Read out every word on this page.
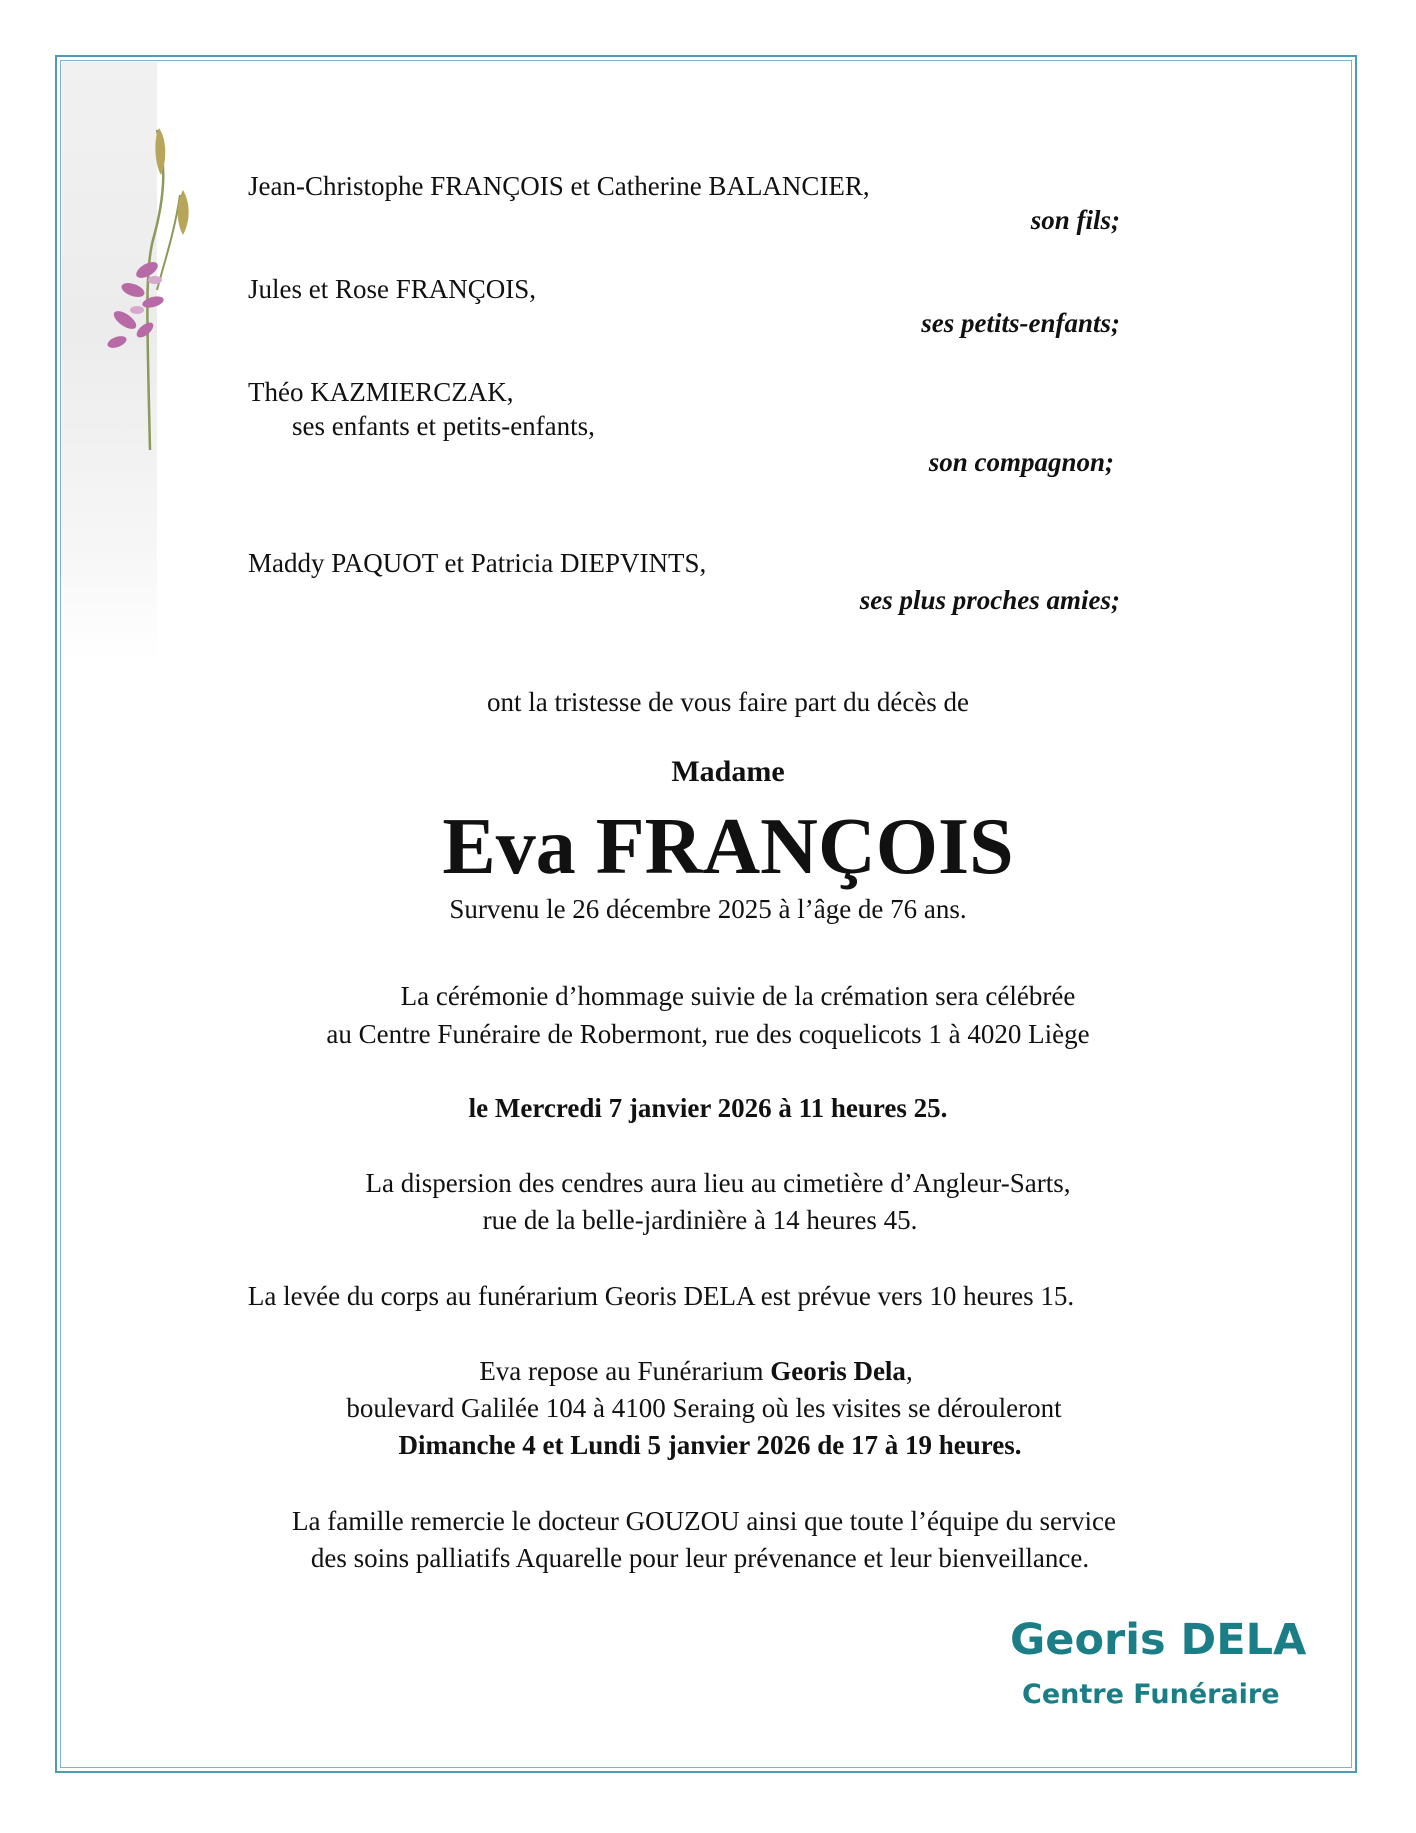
Jean-Christophe FRANÇOIS et Catherine BALANCIER,
son fils;
Jules et Rose FRANÇOIS,
ses petits-enfants;
Théo KAZMIERCZAK,
ses enfants et petits-enfants,
son compagnon;
Maddy PAQUOT et Patricia DIEPVINTS,
ses plus proches amies;
ont la tristesse de vous faire part du décès de
Madame
Eva FRANÇOIS
Survenu le 26 décembre 2025 à l’âge de 76 ans.
La cérémonie d’hommage suivie de la crémation sera célébrée
au Centre Funéraire de Robermont, rue des coquelicots 1 à 4020 Liège
le Mercredi 7 janvier 2026 à 11 heures 25.
La dispersion des cendres aura lieu au cimetière d’Angleur-Sarts,
rue de la belle-jardinière à 14 heures 45.
La levée du corps au funérarium Georis DELA est prévue vers 10 heures 15.
Eva repose au Funérarium Georis Dela,
boulevard Galilée 104 à 4100 Seraing où les visites se dérouleront
Dimanche 4 et Lundi 5 janvier 2026 de 17 à 19 heures.
La famille remercie le docteur GOUZOU ainsi que toute l’équipe du service
des soins palliatifs Aquarelle pour leur prévenance et leur bienveillance.
Georis DELA
Centre Funéraire
